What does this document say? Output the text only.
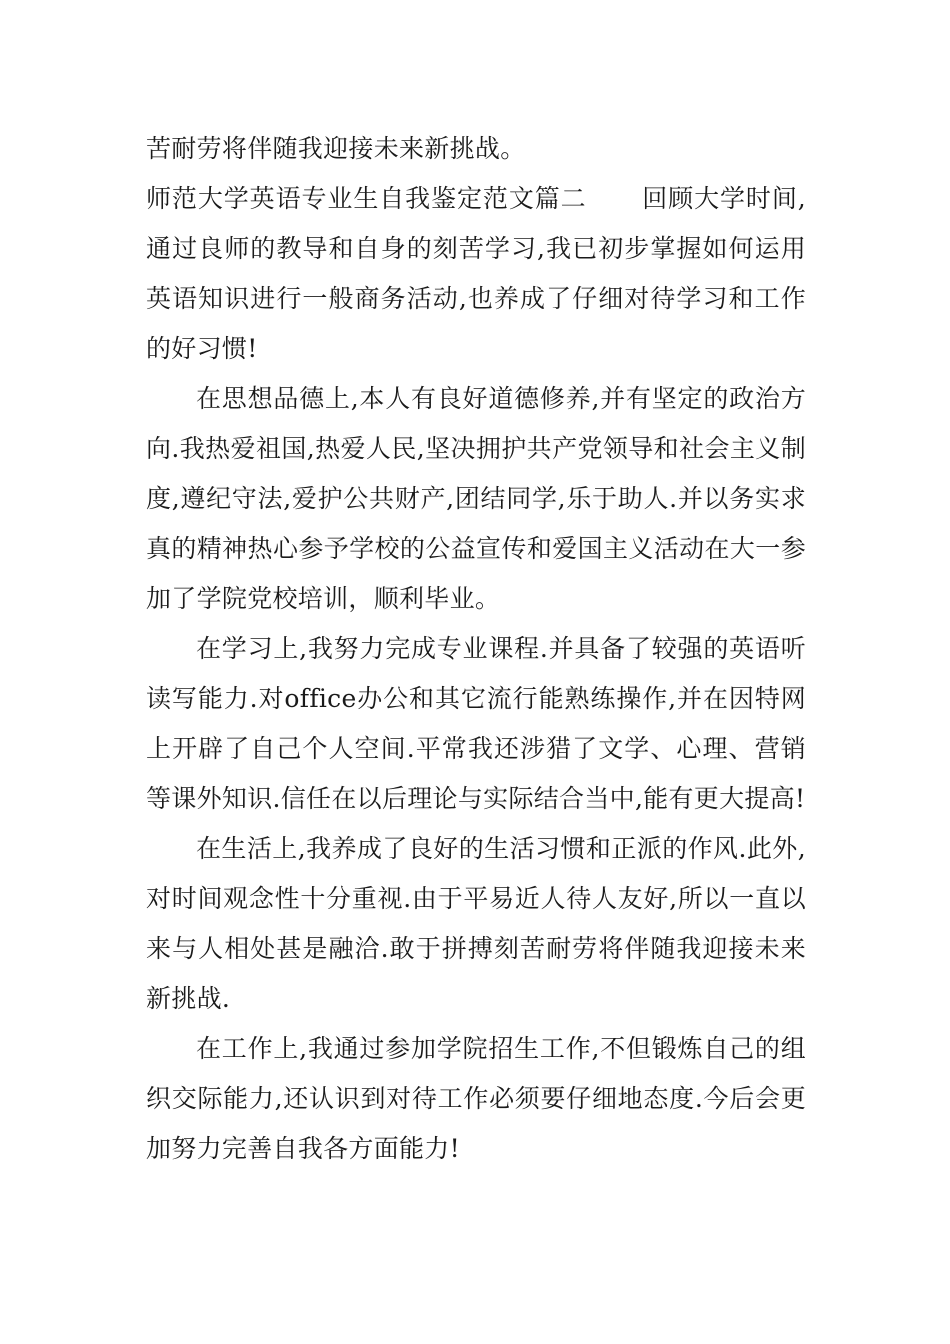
苦耐劳将伴随我迎接未来新挑战。

师范大学英语专业生自我鉴定范文篇二 回顾大学时间,通过良师的教导和自身的刻苦学习,我已初步掌握如何运用英语知识进行一般商务活动,也养成了仔细对待学习和工作的好习惯!

在思想品德上,本人有良好道德修养,并有坚定的政治方向.我热爱祖国,热爱人民,坚决拥护共产党领导和社会主义制度,遵纪守法,爱护公共财产,团结同学,乐于助人.并以务实求真的精神热心参予学校的公益宣传和爱国主义活动在大一参加了学院党校培训，顺利毕业。

在学习上,我努力完成专业课程.并具备了较强的英语听读写能力.对office办公和其它流行能熟练操作,并在因特网上开辟了自己个人空间.平常我还涉猎了文学、心理、营销等课外知识.信任在以后理论与实际结合当中,能有更大提高!

在生活上,我养成了良好的生活习惯和正派的作风.此外,对时间观念性十分重视.由于平易近人待人友好,所以一直以来与人相处甚是融洽.敢于拼搏刻苦耐劳将伴随我迎接未来新挑战.

在工作上,我通过参加学院招生工作,不但锻炼自己的组织交际能力,还认识到对待工作必须要仔细地态度.今后会更加努力完善自我各方面能力!
